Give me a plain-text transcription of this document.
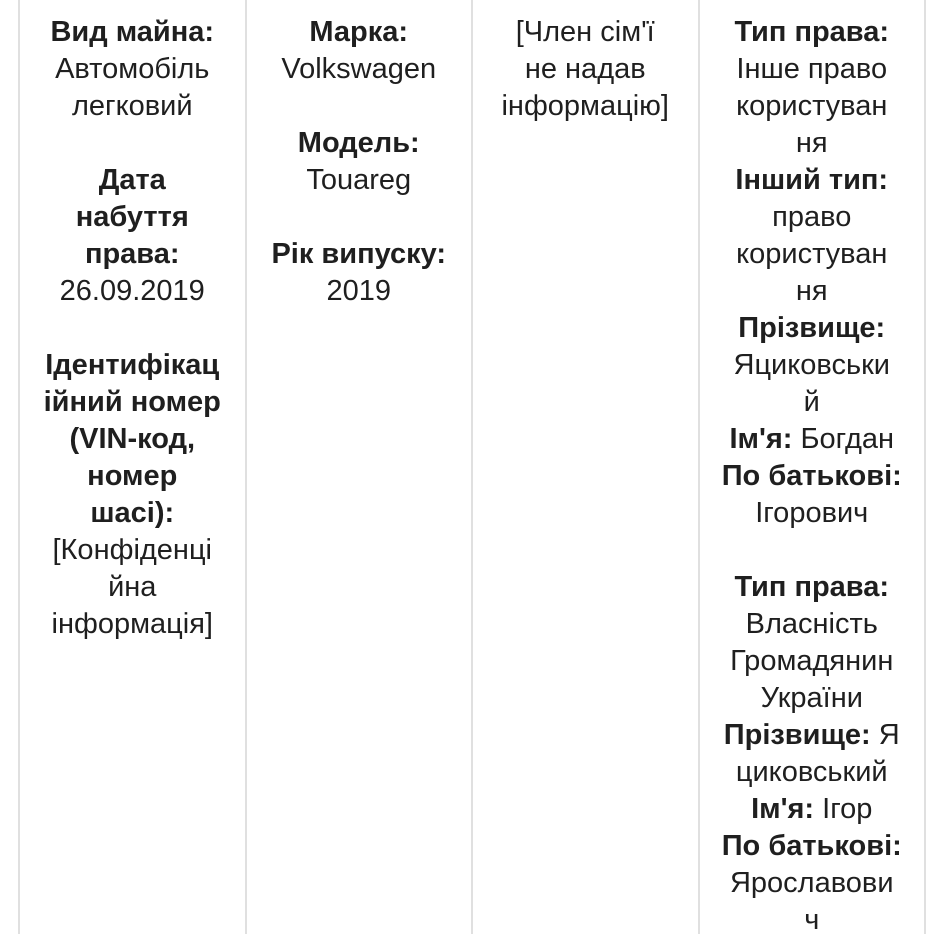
Вид майна:
Автомобіль
легковий

Дата
набуття
права:
26.09.2019

Ідентифікац
ійний номер
(VIN-код,
номер
шасі):
[Конфіденці
йна
інформація]
Марка:
Volkswagen

Модель:
Touareg

Рік випуску:
2019
[Член сім'ї
не надав
інформацію]
Тип права:
Інше право
користуван
ня
Інший тип:
право
користуван
ня
Прізвище:
Яциковськи
й
Ім'я: Богдан
По батькові:
Ігорович

Тип права:
Власність
Громадянин
України
Прізвище: Я
циковський
Ім'я: Ігор
По батькові:
Ярославови
ч
